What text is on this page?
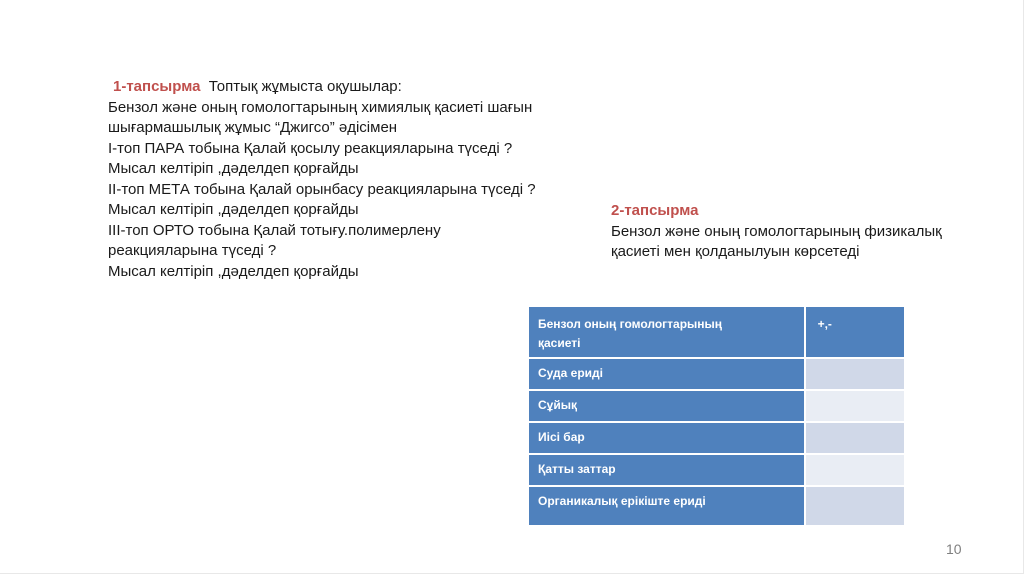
1-тапсырма Топтық жұмыста оқушылар:
Бензол және оның гомологтарының химиялық қасиеті шағын
шығармашылық жұмыс “Джигсо” әдісімен
I-топ ПАРА тобына Қалай қосылу реакцияларына түседі ?
Мысал келтіріп ,дәделдеп қорғайды
II-топ МЕТА тобына Қалай орынбасу реакцияларына түседі ?
Мысал келтіріп ,дәделдеп қорғайды
III-топ ОРТО тобына Қалай тотығу.полимерлену
реакцияларына түседі ?
Мысал келтіріп ,дәделдеп қорғайды
2-тапсырма
Бензол және оның гомологтарының физикалық
қасиеті мен қолданылуын көрсетеді
Бензол оның гомологтарының
қасиеті	+,-
Суда ериді	
Сұйық	
Иісі бар	
Қатты заттар	
Органикалық ерікіште ериді	
10
